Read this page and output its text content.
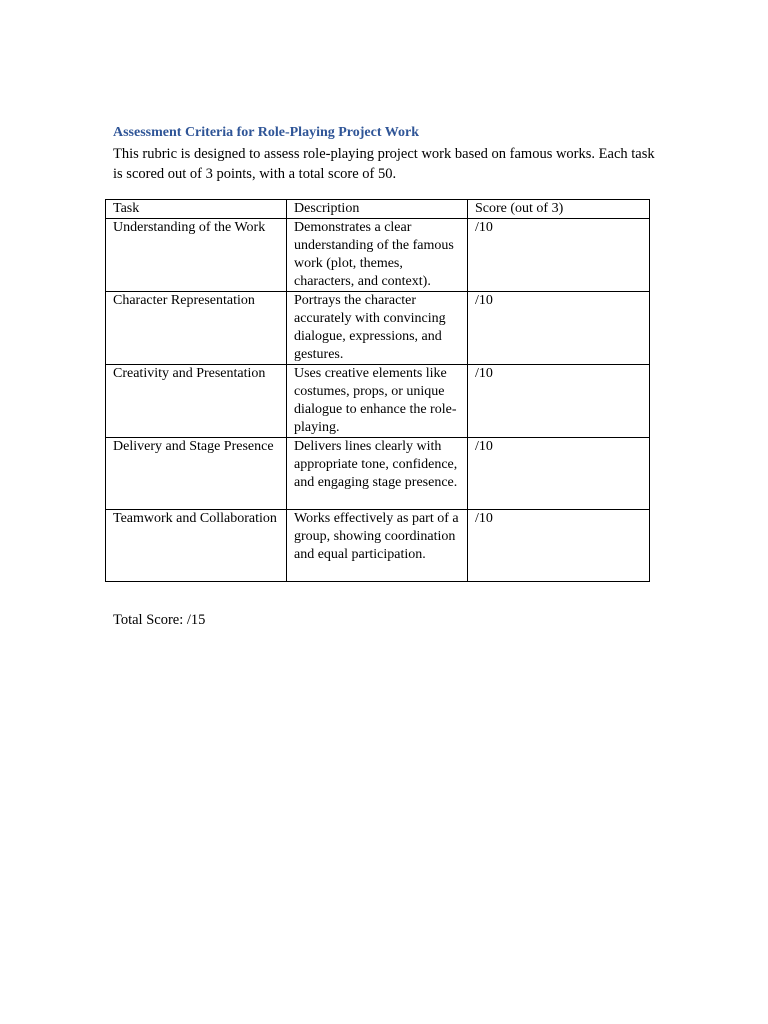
Assessment Criteria for Role-Playing Project Work
This rubric is designed to assess role-playing project work based on famous works. Each task is scored out of 3 points, with a total score of 50.
Task	Description	Score (out of 3)
Understanding of the Work	Demonstrates a clear understanding of the famous work (plot, themes, characters, and context).	/10
Character Representation	Portrays the character accurately with convincing dialogue, expressions, and gestures.	/10
Creativity and Presentation	Uses creative elements like costumes, props, or unique dialogue to enhance the role-playing.	/10
Delivery and Stage Presence	Delivers lines clearly with appropriate tone, confidence, and engaging stage presence.	/10
Teamwork and Collaboration	Works effectively as part of a group, showing coordination and equal participation.	/10
Total Score: /15
